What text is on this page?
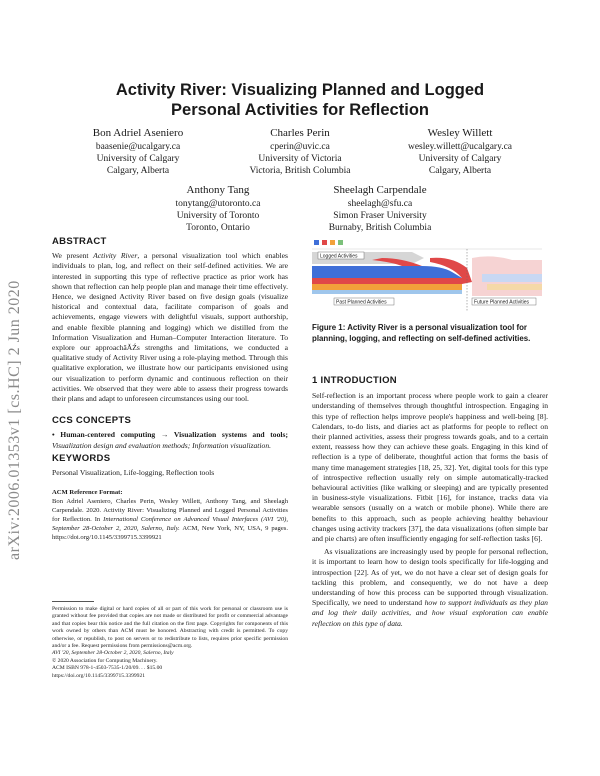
arXiv:2006.01353v1 [cs.HC] 2 Jun 2020
Activity River: Visualizing Planned and Logged
Personal Activities for Reflection
Bon Adriel Aseniero
baasenie@ucalgary.ca
University of Calgary
Calgary, Alberta
Charles Perin
cperin@uvic.ca
University of Victoria
Victoria, British Columbia
Wesley Willett
wesley.willett@ucalgary.ca
University of Calgary
Calgary, Alberta
Anthony Tang
tonytang@utoronto.ca
University of Toronto
Toronto, Ontario
Sheelagh Carpendale
sheelagh@sfu.ca
Simon Fraser University
Burnaby, British Columbia
ABSTRACT

We present Activity River, a personal visualization tool which enables individuals to plan, log, and reflect on their self-defined activities. We are interested in supporting this type of reflective practice as prior work has shown that reflection can help people plan and manage their time effectively. Hence, we designed Activity River based on five design goals (visualize historical and contextual data, facilitate comparison of goals and achievements, engage viewers with delightful visuals, support authorship, and enable flexible planning and logging) which we distilled from the Information Visualization and Human–Computer Interaction literature. To explore our approachâĂŹs strengths and limitations, we conducted a qualitative study of Activity River using a role-playing method. Through this qualitative exploration, we illustrate how our participants envisioned using our visualization to perform dynamic and continuous reflection on their activities. We observed that they were able to assess their progress towards their plans and adapt to unforeseen circumstances using our tool.

CCS CONCEPTS

• Human-centered computing → Visualization systems and tools; Visualization design and evaluation methods; Information visualization.

KEYWORDS

Personal Visualization, Life-logging, Reflection tools

ACM Reference Format:

Bon Adriel Aseniero, Charles Perin, Wesley Willett, Anthony Tang, and Sheelagh Carpendale. 2020. Activity River: Visualizing Planned and Logged Personal Activities for Reflection. In International Conference on Advanced Visual Interfaces (AVI '20), September 28-October 2, 2020, Salerno, Italy. ACM, New York, NY, USA, 9 pages. https://doi.org/10.1145/3399715.3399921

Permission to make digital or hard copies of all or part of this work for personal or classroom use is granted without fee provided that copies are not made or distributed for profit or commercial advantage and that copies bear this notice and the full citation on the first page. Copyrights for components of this work owned by others than ACM must be honored. Abstracting with credit is permitted. To copy otherwise, or republish, to post on servers or to redistribute to lists, requires prior specific permission and/or a fee. Request permissions from permissions@acm.org.

AVI '20, September 28-October 2, 2020, Salerno, Italy

© 2020 Association for Computing Machinery.

ACM ISBN 978-1-4503-7535-1/20/09. . . $15.00

https://doi.org/10.1145/3399715.3399921

Logged Activities
Past Planned Activities	Future Planned Activities
Figure 1: Activity River is a personal visualization tool for planning, logging, and reflecting on self-defined activities.
1 INTRODUCTION

Self-reflection is an important process where people work to gain a clearer understanding of themselves through thoughtful introspection. Engaging in this type of reflection helps improve people's happiness and well-being [8]. Calendars, to-do lists, and diaries act as platforms for people to reflect on their planned activities, assess their progress towards goals, and to a certain extent, reassess how they can achieve these goals. Engaging in this kind of reflection is a type of deliberate, thoughtful action that forms the basis of many time management strategies [18, 25, 32]. Yet, digital tools for this type of introspective reflection usually rely on simple automatically-tracked behavioural activities (like walking or sleeping) and are typically presented in business-style visualizations. Fitbit [16], for instance, tracks data via wearable sensors (usually on a watch or mobile phone). While there are benefits to this approach, such as people achieving healthy behaviour changes using activity trackers [37], the data visualizations (often simple bar and pie charts) are often insufficiently engaging for self-reflection tasks [6].

As visualizations are increasingly used by people for personal reflection, it is important to learn how to design tools specifically for life-logging and introspection [22]. As of yet, we do not have a clear set of design goals for tackling this problem, and consequently, we do not have a deep understanding of how this process can be supported through visualization. Specifically, we need to understand how to support individuals as they plan and log their daily activities, and how visual exploration can enable reflection on this type of data.
